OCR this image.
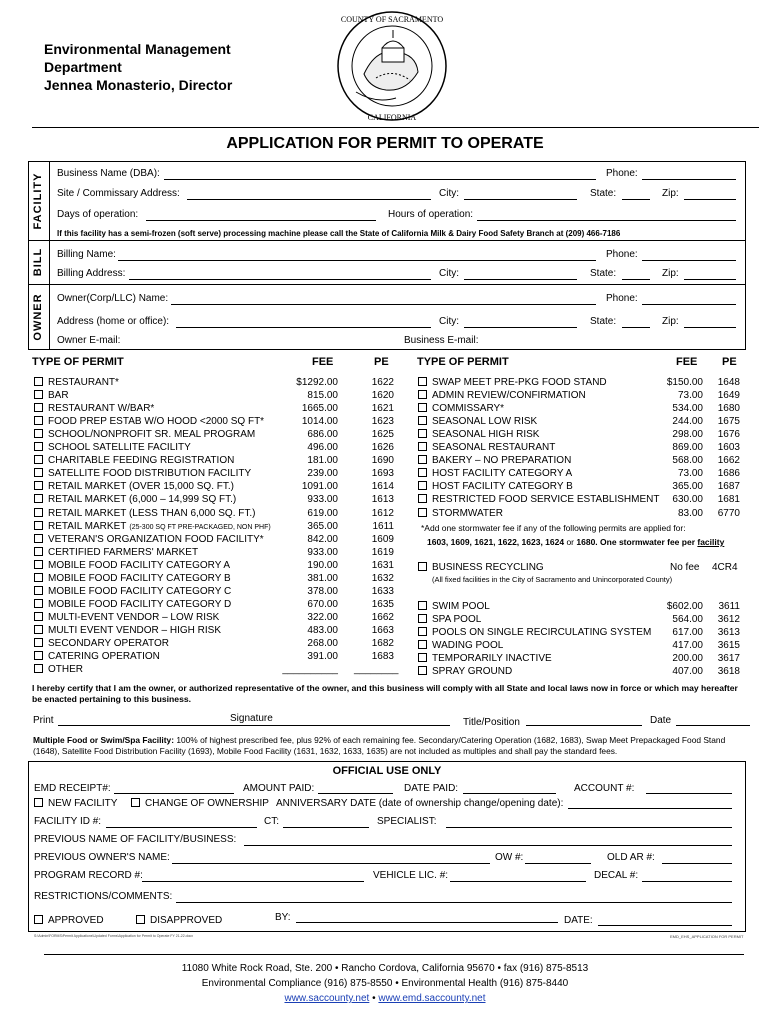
Environmental Management
Department
Jennea Monasterio, Director
COUNTY OF SACRAMENTO
CALIFORNIA
APPLICATION FOR PERMIT TO OPERATE
FACILITY
BILL
OWNER
Business Name (DBA):	Phone:
Site / Commissary Address:	City:	State:	Zip:
Days of operation:	Hours of operation:
If this facility has a semi-frozen (soft serve) processing machine please call the State of California Milk & Dairy Food Safety Branch at (209) 466-7186
Billing Name:	Phone:
Billing Address:	City:	State:	Zip:
Owner(Corp/LLC) Name:	Phone:
Address (home or office):	City:	State:	Zip:
Owner E-mail:	Business E-mail:
TYPE OF PERMIT	FEE	PE	TYPE OF PERMIT	FEE PE
RESTAURANT*	$1292.00	1622
BAR	815.00	1620
RESTAURANT W/BAR*	1665.00	1621
FOOD PREP ESTAB W/O HOOD <2000 SQ FT*	1014.00	1623
SCHOOL/NONPROFIT SR. MEAL PROGRAM	686.00	1625
SCHOOL SATELLITE FACILITY	496.00	1626
CHARITABLE FEEDING REGISTRATION	181.00	1690
SATELLITE FOOD DISTRIBUTION FACILITY	239.00	1693
RETAIL MARKET (OVER 15,000 SQ. FT.)	1091.00	1614
RETAIL MARKET (6,000 – 14,999 SQ FT.)	933.00	1613
RETAIL MARKET (LESS THAN 6,000 SQ. FT.)	619.00	1612
RETAIL MARKET (25-300 SQ FT PRE-PACKAGED, NON PHF)	365.00	1611
VETERAN'S ORGANIZATION FOOD FACILITY*	842.00	1609
CERTIFIED FARMERS' MARKET	933.00	1619
MOBILE FOOD FACILITY CATEGORY A	190.00	1631
MOBILE FOOD FACILITY CATEGORY B	381.00	1632
MOBILE FOOD FACILITY CATEGORY C	378.00	1633
MOBILE FOOD FACILITY CATEGORY D	670.00	1635
MULTI-EVENT VENDOR – LOW RISK	322.00	1662
MULTI EVENT VENDOR – HIGH RISK	483.00	1663
SECONDARY OPERATOR	268.00	1682
CATERING OPERATION	391.00	1683
OTHER	__________ ________
SWAP MEET PRE-PKG FOOD STAND	$150.00	1648
ADMIN REVIEW/CONFIRMATION	73.00	1649
COMMISSARY*	534.00	1680
SEASONAL LOW RISK	244.00	1675
SEASONAL HIGH RISK	298.00	1676
SEASONAL RESTAURANT	869.00	1603
BAKERY – NO PREPARATION	568.00	1662
HOST FACILITY CATEGORY A	73.00	1686
HOST FACILITY CATEGORY B	365.00	1687
RESTRICTED FOOD SERVICE ESTABLISHMENT	630.00	1681
STORMWATER	83.00	6770
*Add one stormwater fee if any of the following permits are applied for:
1603, 1609, 1621, 1622, 1623, 1624 or 1680. One stormwater fee per facility
BUSINESS RECYCLING	No fee 4CR4
(All fixed facilities in the City of Sacramento and Unincorporated County)
SWIM POOL	$602.00	3611
SPA POOL	564.00	3612
POOLS ON SINGLE RECIRCULATING SYSTEM	617.00	3613
WADING POOL	417.00	3615
TEMPORARILY INACTIVE	200.00	3617
SPRAY GROUND	407.00	3618
I hereby certify that I am the owner, or authorized representative of the owner, and this business will comply with all State and local laws now in force or which may hereafter be enacted pertaining to this business.
Print	Signature	Title/Position	Date
Multiple Food or Swim/Spa Facility: 100% of highest prescribed fee, plus 92% of each remaining fee. Secondary/Catering Operation (1682, 1683), Swap Meet Prepackaged Food Stand (1648), Satellite Food Distribution Facility (1693), Mobile Food Facility (1631, 1632, 1633, 1635) are not included as multiples and shall pay the standard fees.
OFFICIAL USE ONLY
EMD RECEIPT#:	AMOUNT PAID:	DATE PAID:	ACCOUNT #:
NEW FACILITY	CHANGE OF OWNERSHIP ANNIVERSARY DATE (date of ownership change/opening date):
FACILITY ID #:	CT:	SPECIALIST:
PREVIOUS NAME OF FACILITY/BUSINESS:
PREVIOUS OWNER'S NAME:	OW #:	OLD AR #:
PROGRAM RECORD #:	VEHICLE LIC. #:	DECAL #:
RESTRICTIONS/COMMENTS:
APPROVED	DISAPPROVED	BY:	DATE:
S:\Admin\FORMS\Permit Applications\Updated Forms\Application for Permit to Operate FY 21-22.docx	EMD_EHS_APPLICATION FOR PERMIT
11080 White Rock Road, Ste. 200 • Rancho Cordova, California 95670 • fax (916) 875-8513
Environmental Compliance (916) 875-8550 • Environmental Health (916) 875-8440
www.saccounty.net • www.emd.saccounty.net
